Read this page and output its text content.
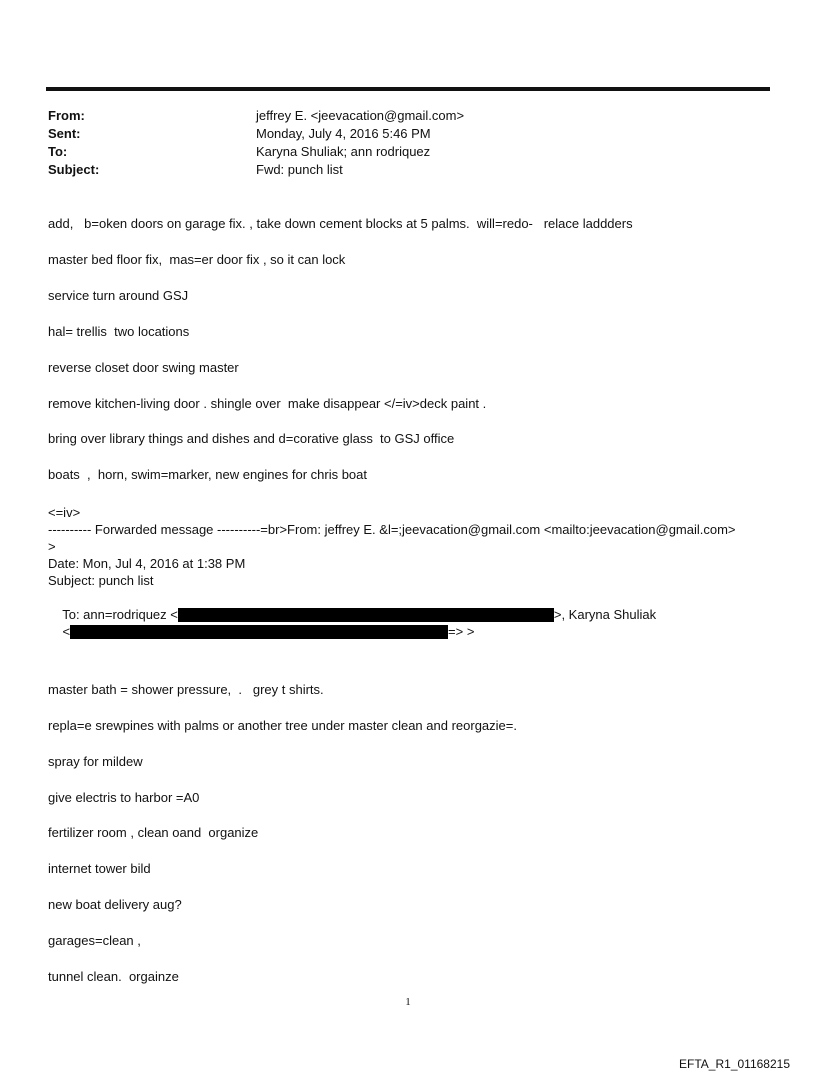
From:	jeffrey E. <jeevacation@gmail.com>
Sent:	Monday, July 4, 2016 5:46 PM
To:	Karyna Shuliak; ann rodriquez
Subject:	Fwd: punch list
add,   b=oken doors on garage fix. , take down cement blocks at 5 palms.  will=redo-   relace laddders
master bed floor fix,  mas=er door fix , so it can lock
service turn around GSJ
hal= trellis  two locations
reverse closet door swing master
remove kitchen-living door . shingle over  make disappear </=iv>deck paint .
bring over library things and dishes and d=corative glass  to GSJ office
boats  ,  horn, swim=marker, new engines for chris boat
<=iv>
---------- Forwarded message ----------=br>From: jeffrey E. &l=;jeevacation@gmail.com <mailto:jeevacation@gmail.com>
>
Date: Mon, Jul 4, 2016 at 1:38 PM
Subject: punch list

To: ann=rodriquez <	>, Karyna Shuliak

<	=> >

master bath = shower pressure,  .   grey t shirts.
repla=e srewpines with palms or another tree under master clean and reorgazie=.
spray for mildew
give electris to harbor =A0
fertilizer room , clean oand  organize
internet tower bild
new boat delivery aug?
garages=clean ,
tunnel clean.  orgainze
1
EFTA_R1_01168215
